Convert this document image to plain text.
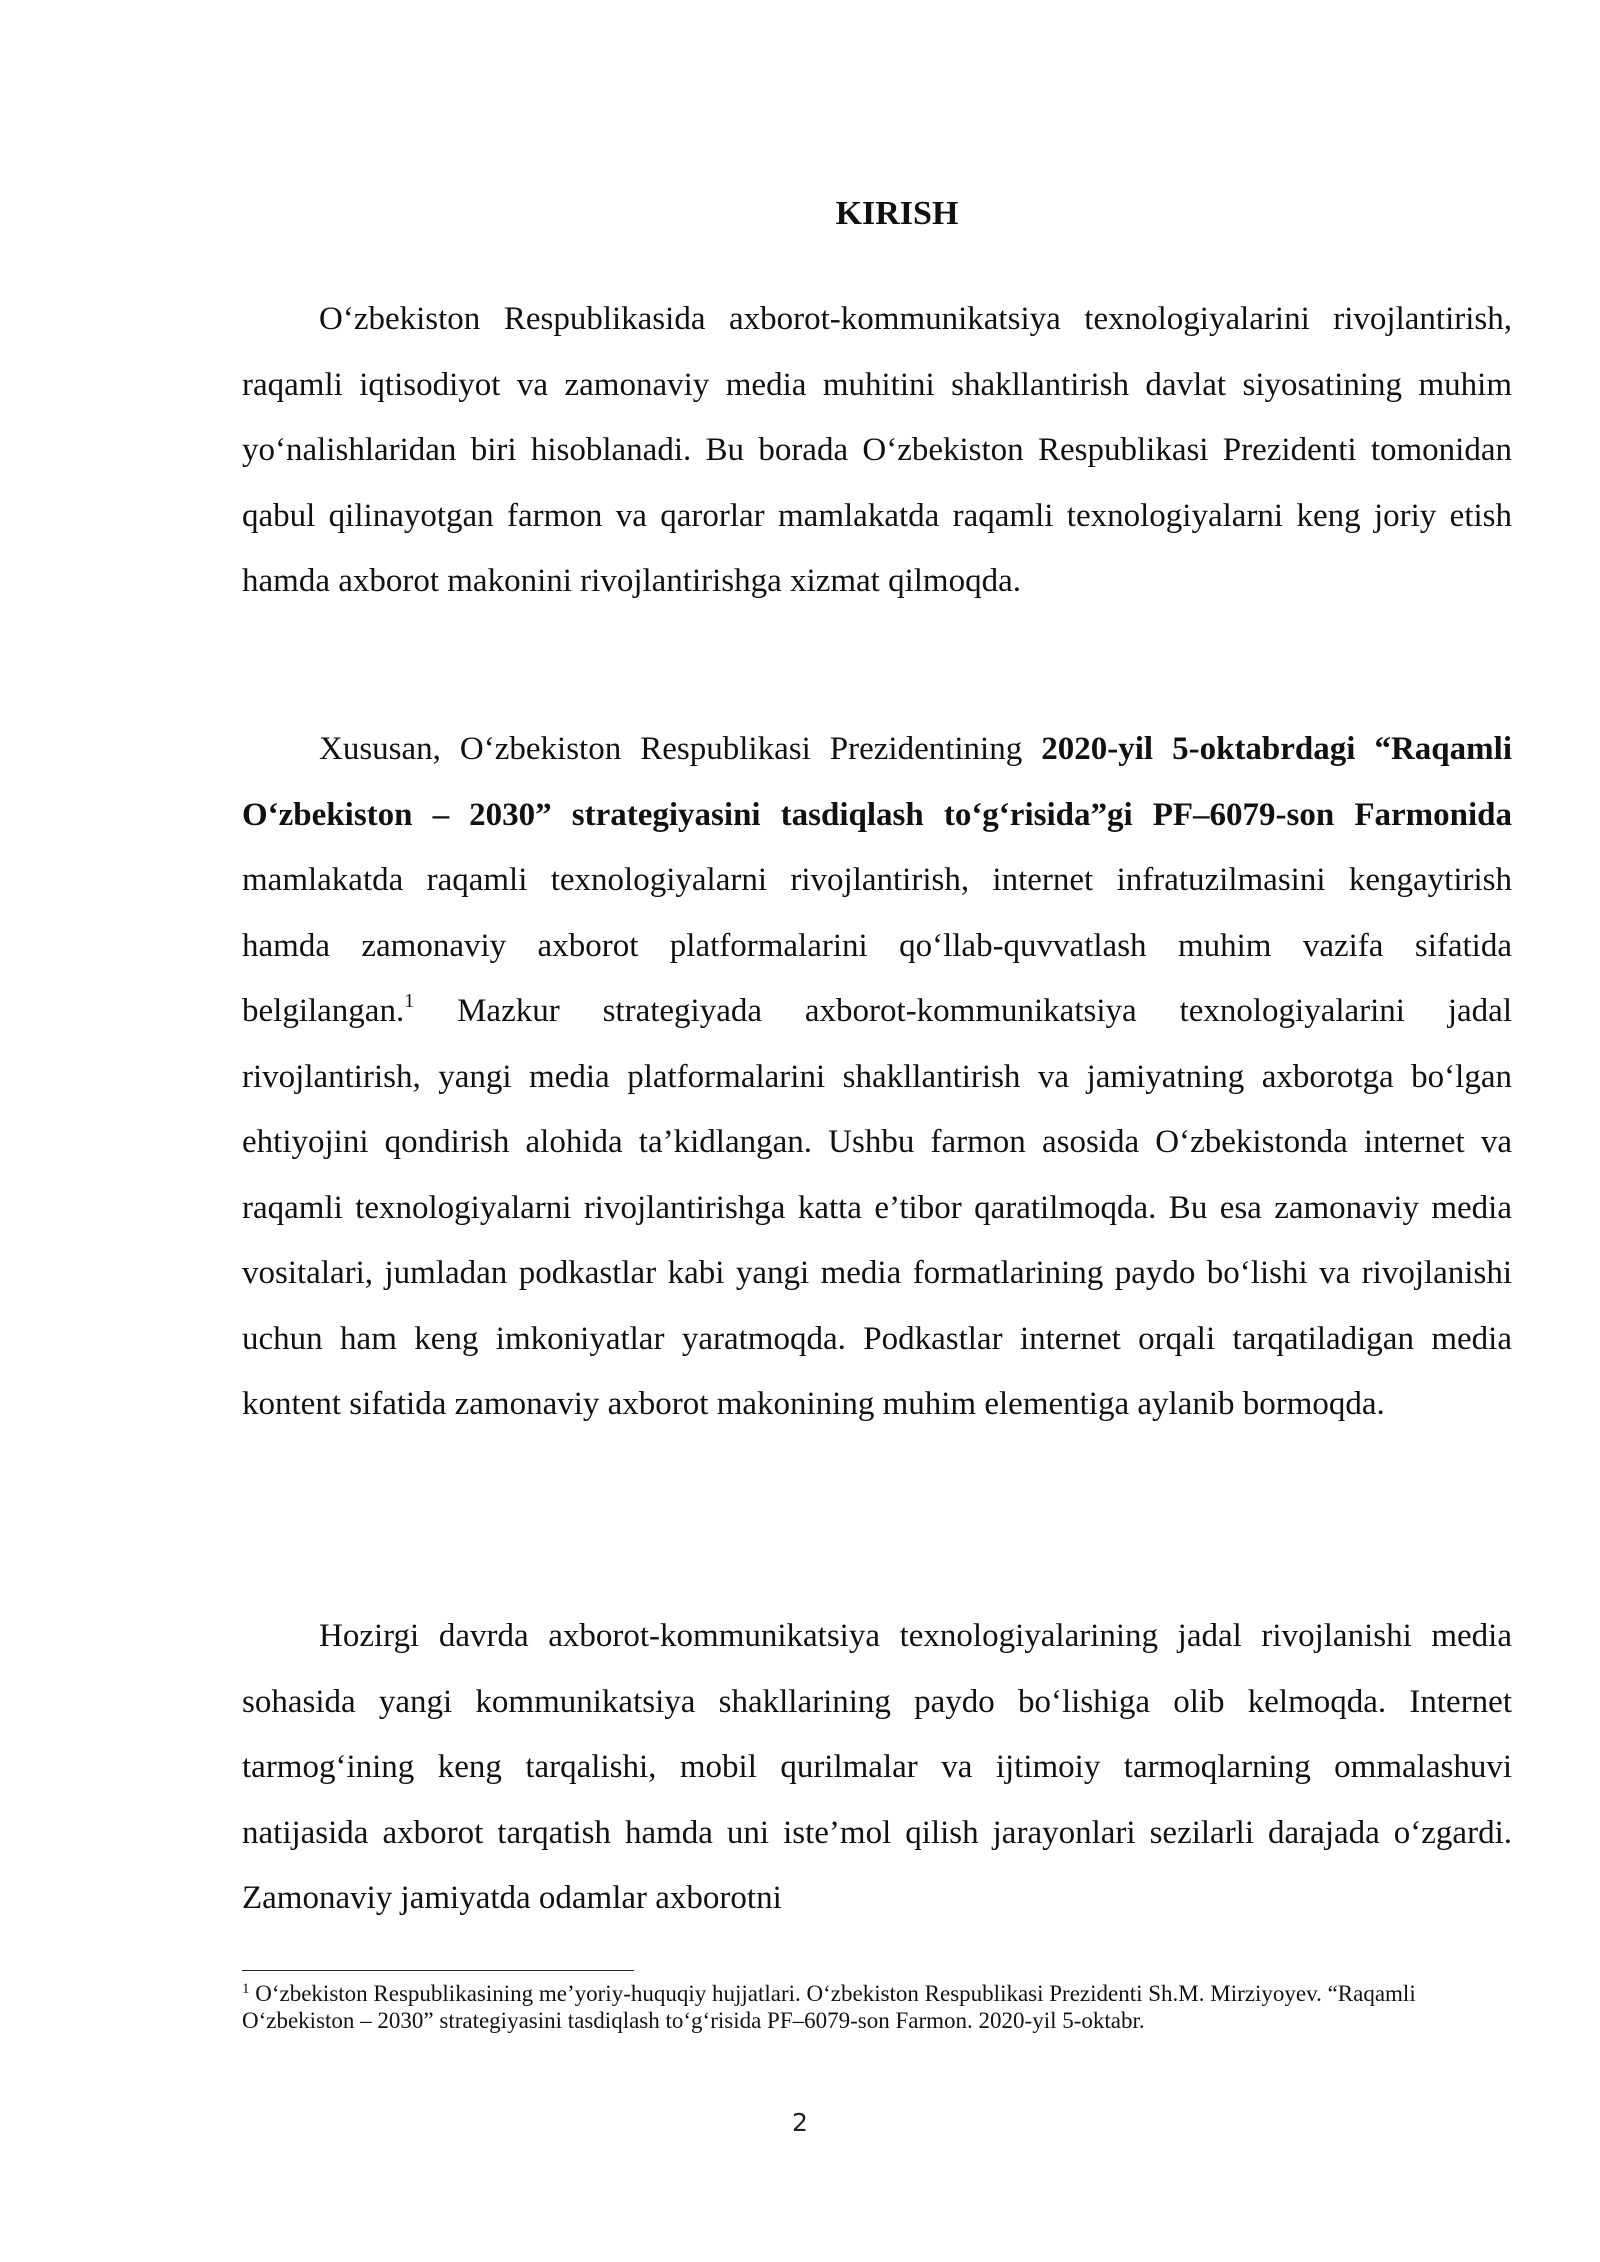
KIRISH

O‘zbekiston Respublikasida axborot-kommunikatsiya texnologiyalarini rivojlantirish, raqamli iqtisodiyot va zamonaviy media muhitini shakllantirish davlat siyosatining muhim yo‘nalishlaridan biri hisoblanadi. Bu borada O‘zbekiston Respublikasi Prezidenti tomonidan qabul qilinayotgan farmon va qarorlar mamlakatda raqamli texnologiyalarni keng joriy etish hamda axborot makonini rivojlantirishga xizmat qilmoqda.

Xususan, O‘zbekiston Respublikasi Prezidentining 2020-yil 5-oktabrdagi “Raqamli O‘zbekiston – 2030” strategiyasini tasdiqlash to‘g‘risida”gi PF–6079-son Farmonida mamlakatda raqamli texnologiyalarni rivojlantirish, internet infratuzilmasini kengaytirish hamda zamonaviy axborot platformalarini qo‘llab-quvvatlash muhim vazifa sifatida belgilangan.$^1$ Mazkur strategiyada axborot-kommunikatsiya texnologiyalarini jadal rivojlantirish, yangi media platformalarini shakllantirish va jamiyatning axborotga bo‘lgan ehtiyojini qondirish alohida ta’kidlangan. Ushbu farmon asosida O‘zbekistonda internet va raqamli texnologiyalarni rivojlantirishga katta e’tibor qaratilmoqda. Bu esa zamonaviy media vositalari, jumladan podkastlar kabi yangi media formatlarining paydo bo‘lishi va rivojlanishi uchun ham keng imkoniyatlar yaratmoqda. Podkastlar internet orqali tarqatiladigan media kontent sifatida zamonaviy axborot makonining muhim elementiga aylanib bormoqda.

Hozirgi davrda axborot-kommunikatsiya texnologiyalarining jadal rivojlanishi media sohasida yangi kommunikatsiya shakllarining paydo bo‘lishiga olib kelmoqda. Internet tarmog‘ining keng tarqalishi, mobil qurilmalar va ijtimoiy tarmoqlarning ommalashuvi natijasida axborot tarqatish hamda uni iste’mol qilish jarayonlari sezilarli darajada o‘zgardi. Zamonaviy jamiyatda odamlar axborotni

$^1$ O‘zbekiston Respublikasining me’yoriy-huquqiy hujjatlari. O‘zbekiston Respublikasi Prezidenti Sh.M. Mirziyoyev. “Raqamli O‘zbekiston – 2030” strategiyasini tasdiqlash to‘g‘risida PF–6079-son Farmon. 2020-yil 5-oktabr.

2
